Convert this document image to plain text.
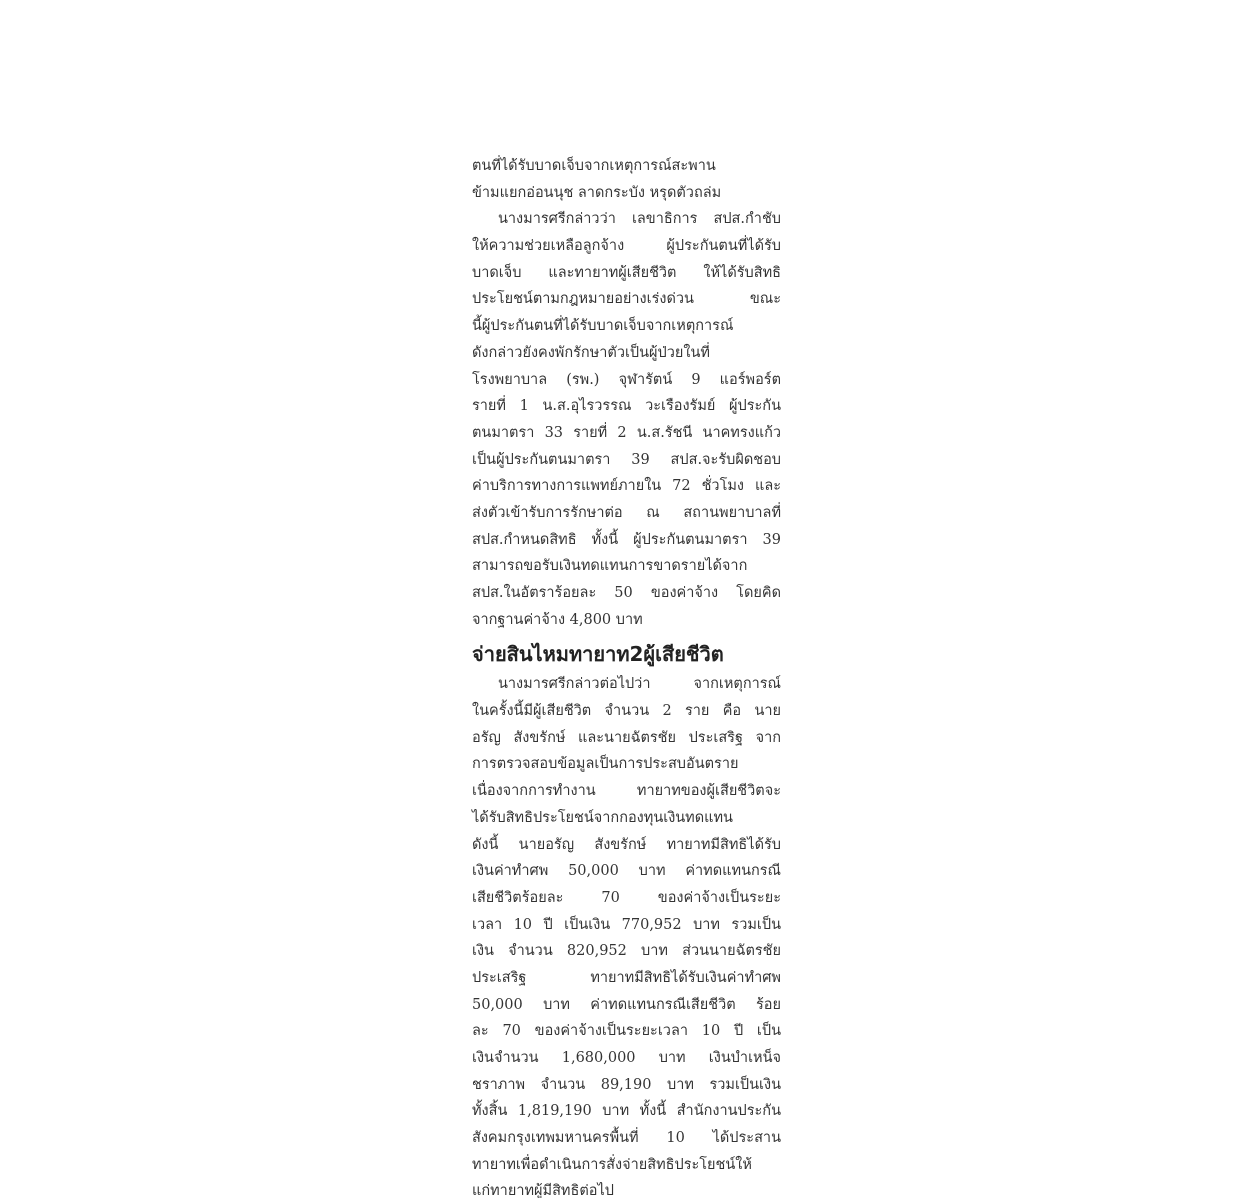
ตนที่ได้รับบาดเจ็บจากเหตุการณ์สะพาน
ข้ามแยกอ่อนนุช ลาดกระบัง หรุดตัวถล่ม
นางมารศรีกล่าวว่า เลขาธิการ สปส.กำชับ
ให้ความช่วยเหลือลูกจ้าง ผู้ประกันตนที่ได้รับ
บาดเจ็บ และทายาทผู้เสียชีวิต ให้ได้รับสิทธิ
ประโยชน์ตามกฎหมายอย่างเร่งด่วน ขณะ
นี้ผู้ประกันตนที่ได้รับบาดเจ็บจากเหตุการณ์
ดังกล่าวยังคงพักรักษาตัวเป็นผู้ป่วยในที่
โรงพยาบาล (รพ.) จุฬารัตน์ 9 แอร์พอร์ต
รายที่ 1 น.ส.อุไรวรรณ วะเรืองรัมย์ ผู้ประกัน
ตนมาตรา 33 รายที่ 2 น.ส.รัชนี นาคทรงแก้ว
เป็นผู้ประกันตนมาตรา 39 สปส.จะรับผิดชอบ
ค่าบริการทางการแพทย์ภายใน 72 ชั่วโมง และ
ส่งตัวเข้ารับการรักษาต่อ ณ สถานพยาบาลที่
สปส.กำหนดสิทธิ ทั้งนี้ ผู้ประกันตนมาตรา 39
สามารถขอรับเงินทดแทนการขาดรายได้จาก
สปส.ในอัตราร้อยละ 50 ของค่าจ้าง โดยคิด
จากฐานค่าจ้าง 4,800 บาท
จ่ายสินไหมทายาท2ผู้เสียชีวิต
นางมารศรีกล่าวต่อไปว่า จากเหตุการณ์
ในครั้งนี้มีผู้เสียชีวิต จำนวน 2 ราย คือ นาย
อรัญ สังขรักษ์ และนายฉัตรชัย ประเสริฐ จาก
การตรวจสอบข้อมูลเป็นการประสบอันตราย
เนื่องจากการทำงาน ทายาทของผู้เสียชีวิตจะ
ได้รับสิทธิประโยชน์จากกองทุนเงินทดแทน
ดังนี้ นายอรัญ สังขรักษ์ ทายาทมีสิทธิได้รับ
เงินค่าทำศพ 50,000 บาท ค่าทดแทนกรณี
เสียชีวิตร้อยละ 70 ของค่าจ้างเป็นระยะ
เวลา 10 ปี เป็นเงิน 770,952 บาท รวมเป็น
เงิน จำนวน 820,952 บาท ส่วนนายฉัตรชัย
ประเสริฐ ทายาทมีสิทธิได้รับเงินค่าทำศพ
50,000 บาท ค่าทดแทนกรณีเสียชีวิต ร้อย
ละ 70 ของค่าจ้างเป็นระยะเวลา 10 ปี เป็น
เงินจำนวน 1,680,000 บาท เงินบำเหน็จ
ชราภาพ จำนวน 89,190 บาท รวมเป็นเงิน
ทั้งสิ้น 1,819,190 บาท ทั้งนี้ สำนักงานประกัน
สังคมกรุงเทพมหานครพื้นที่ 10 ได้ประสาน
ทายาทเพื่อดำเนินการสั่งจ่ายสิทธิประโยชน์ให้
แก่ทายาทผู้มีสิทธิต่อไป
